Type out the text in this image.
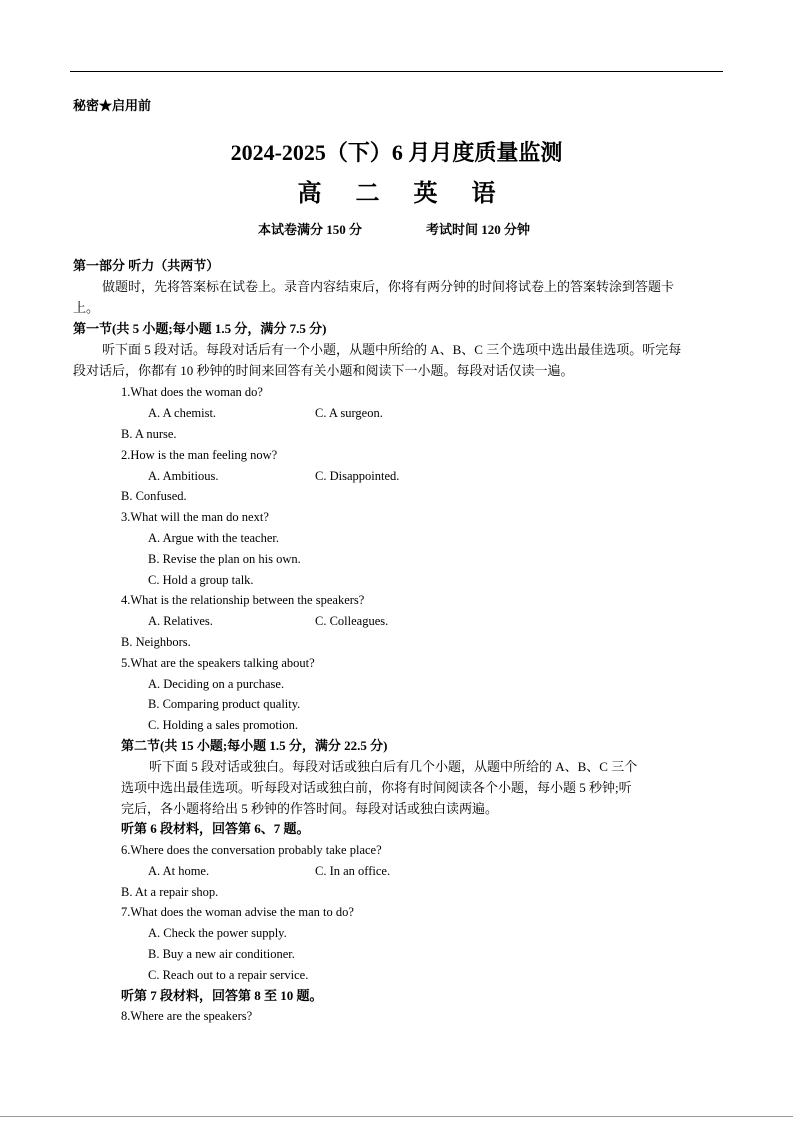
秘密★启用前
2024-2025（下）6 月月度质量监测
高 二 英 语
本试卷满分 150 分	考试时间 120 分钟
第一部分 听力（共两节）
做题时，先将答案标在试卷上。录音内容结束后，你将有两分钟的时间将试卷上的答案转涂到答题卡
上。
第一节(共 5 小题;每小题 1.5 分，满分 7.5 分)
听下面 5 段对话。每段对话后有一个小题，从题中所给的 A、B、C 三个选项中选出最佳选项。听完每
段对话后，你都有 10 秒钟的时间来回答有关小题和阅读下一小题。每段对话仅读一遍。
1.What does the woman do?
A. A chemist.	C. A surgeon.
B. A nurse.
2.How is the man feeling now?
A. Ambitious.	C. Disappointed.
B. Confused.
3.What will the man do next?
A. Argue with the teacher.
B. Revise the plan on his own.
C. Hold a group talk.
4.What is the relationship between the speakers?
A. Relatives.	C. Colleagues.
B. Neighbors.
5.What are the speakers talking about?
A. Deciding on a purchase.
B. Comparing product quality.
C. Holding a sales promotion.
第二节(共 15 小题;每小题 1.5 分，满分 22.5 分)
听下面 5 段对话或独白。每段对话或独白后有几个小题，从题中所给的 A、B、C 三个
选项中选出最佳选项。听每段对话或独白前，你将有时间阅读各个小题，每小题 5 秒钟;听
完后，各小题将给出 5 秒钟的作答时间。每段对话或独白读两遍。
听第 6 段材料，回答第 6、7 题。
6.Where does the conversation probably take place?
A. At home.	C. In an office.
B. At a repair shop.
7.What does the woman advise the man to do?
A. Check the power supply.
B. Buy a new air conditioner.
C. Reach out to a repair service.
听第 7 段材料，回答第 8 至 10 题。
8.Where are the speakers?
